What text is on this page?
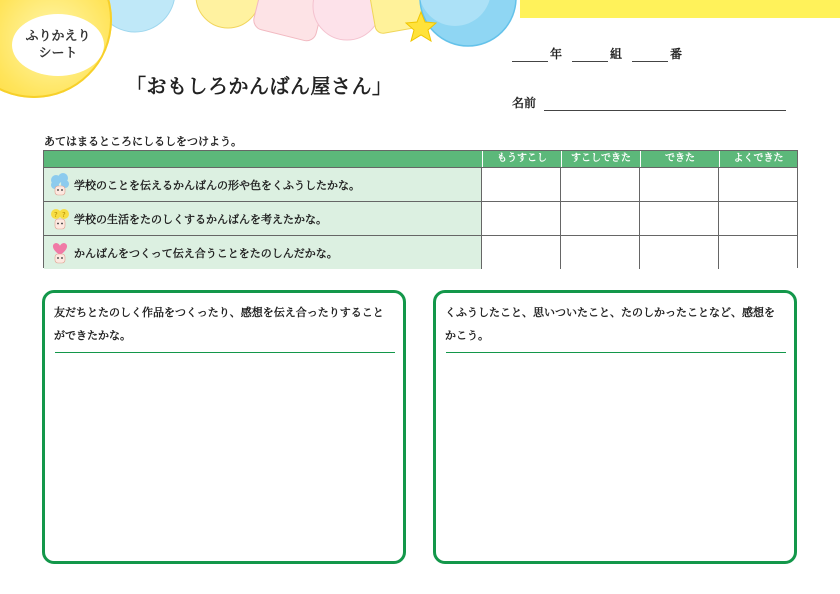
ふりかえり
シート
「おもしろかんばん屋さん」
年	組	番
名前
あてはまるところにしるしをつけよう。
もうすこし	すこしできた	できた	よくできた
学校のことを伝えるかんばんの形や色をくふうしたかな。
? ? 学校の生活をたのしくするかんばんを考えたかな。
かんばんをつくって伝え合うことをたのしんだかな。
友だちとたのしく作品をつくったり、感想を伝え合ったりすることができたかな。
くふうしたこと、思いついたこと、たのしかったことなど、感想をかこう。
